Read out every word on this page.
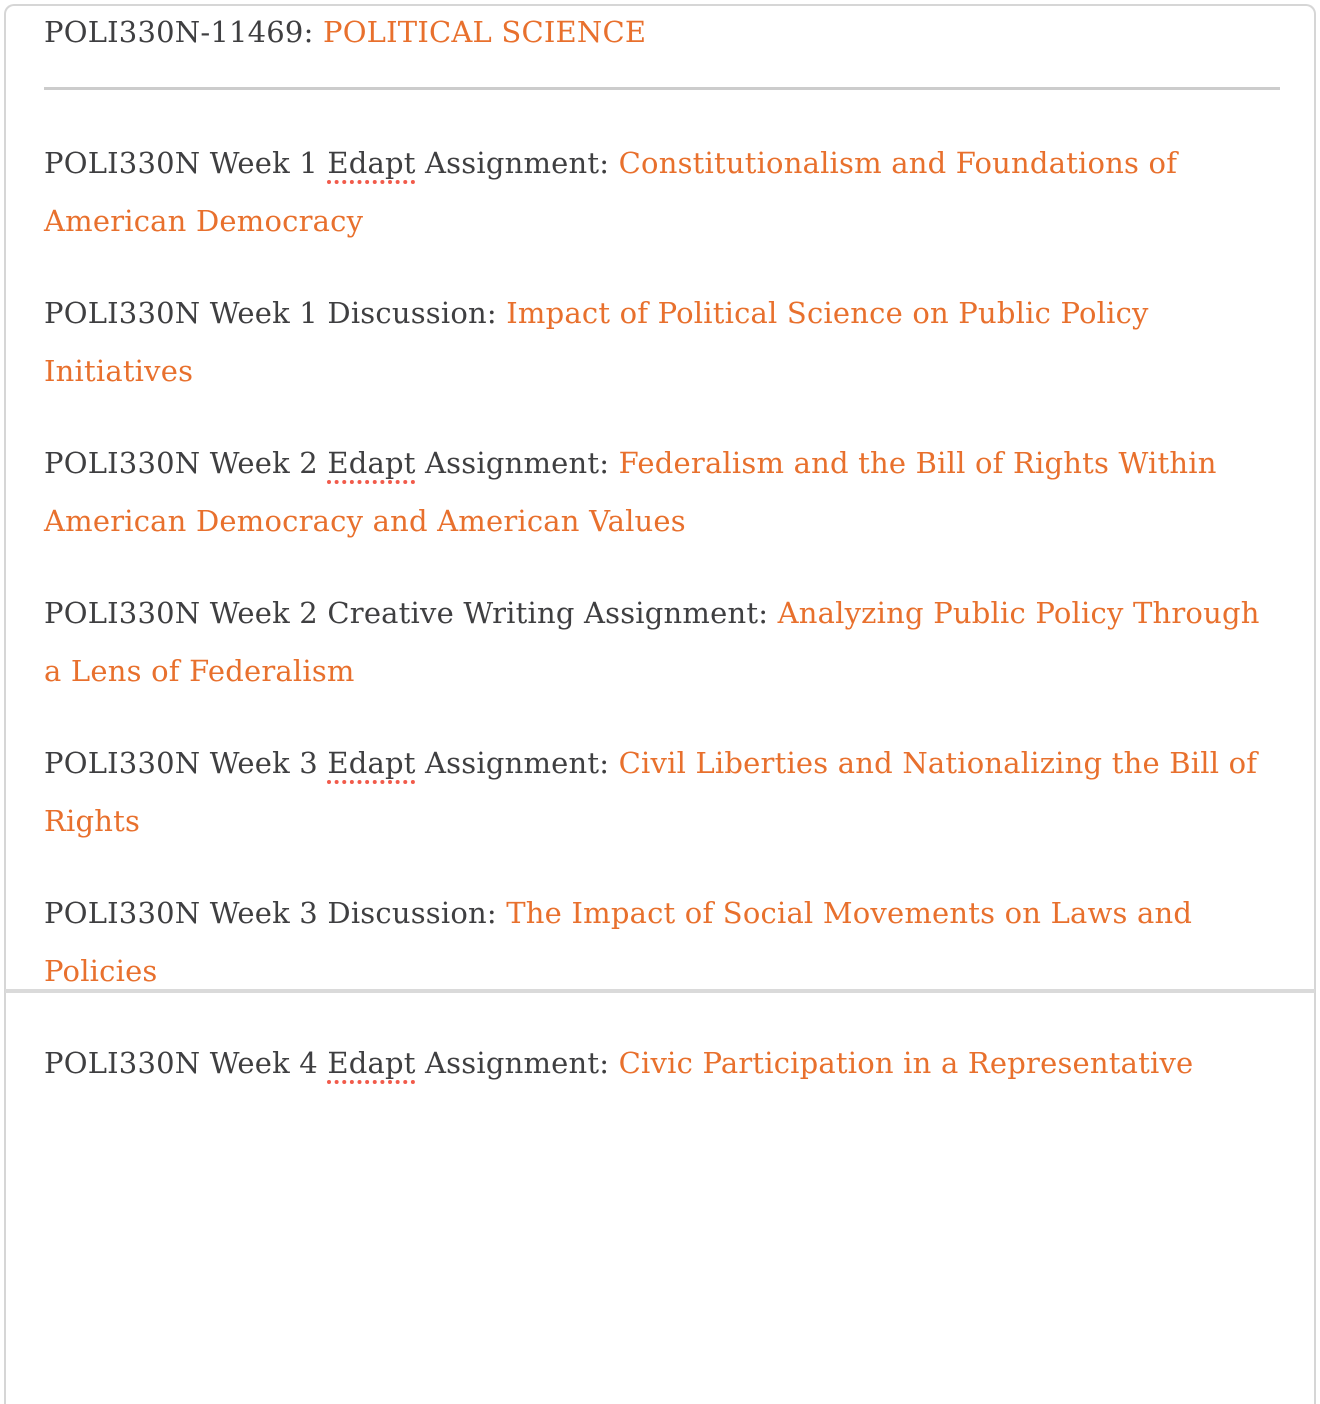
POLI330N-11469: POLITICAL SCIENCE

POLI330N Week 1 Edapt Assignment: Constitutionalism and Foundations of American Democracy

POLI330N Week 1 Discussion: Impact of Political Science on Public Policy Initiatives

POLI330N Week 2 Edapt Assignment: Federalism and the Bill of Rights Within American Democracy and American Values

POLI330N Week 2 Creative Writing Assignment: Analyzing Public Policy Through a Lens of Federalism

POLI330N Week 3 Edapt Assignment: Civil Liberties and Nationalizing the Bill of Rights

POLI330N Week 3 Discussion: The Impact of Social Movements on Laws and Policies

POLI330N Week 4 Edapt Assignment: Civic Participation in a Representative
